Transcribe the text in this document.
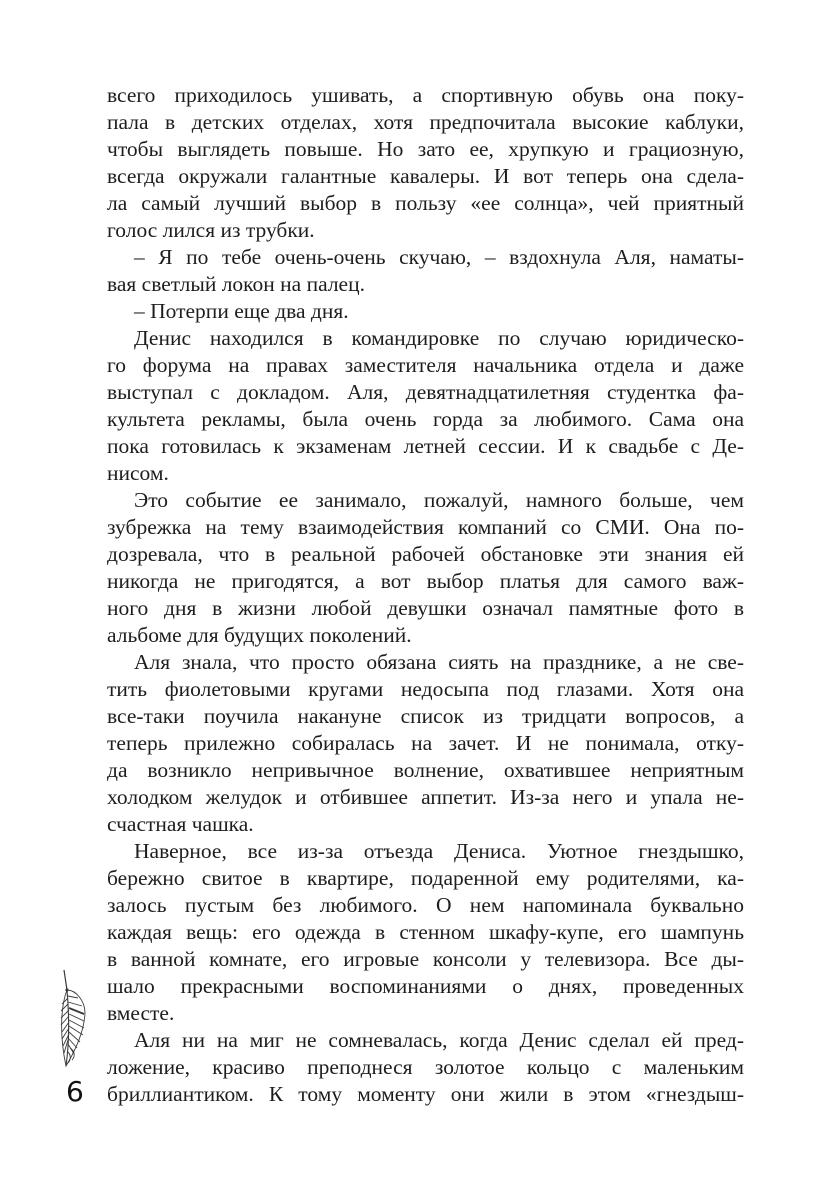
всего приходилось ушивать, а спортивную обувь она поку-
пала в детских отделах, хотя предпочитала высокие каблуки,
чтобы выглядеть повыше. Но зато ее, хрупкую и грациозную,
всегда окружали галантные кавалеры. И вот теперь она сдела-
ла самый лучший выбор в пользу «ее солнца», чей приятный
голос лился из трубки.
– Я по тебе очень-очень скучаю, – вздохнула Аля, наматы-
вая светлый локон на палец.
– Потерпи еще два дня.
Денис находился в командировке по случаю юридическо-
го форума на правах заместителя начальника отдела и даже
выступал с докладом. Аля, девятнадцатилетняя студентка фа-
культета рекламы, была очень горда за любимого. Сама она
пока готовилась к экзаменам летней сессии. И к свадьбе с Де-
нисом.
Это событие ее занимало, пожалуй, намного больше, чем
зубрежка на тему взаимодействия компаний со СМИ. Она по-
дозревала, что в реальной рабочей обстановке эти знания ей
никогда не пригодятся, а вот выбор платья для самого важ-
ного дня в жизни любой девушки означал памятные фото в
альбоме для будущих поколений.
Аля знала, что просто обязана сиять на празднике, а не све-
тить фиолетовыми кругами недосыпа под глазами. Хотя она
все-таки поучила накануне список из тридцати вопросов, а
теперь прилежно собиралась на зачет. И не понимала, отку-
да возникло непривычное волнение, охватившее неприятным
холодком желудок и отбившее аппетит. Из-за него и упала не-
счастная чашка.
Наверное, все из-за отъезда Дениса. Уютное гнездышко,
бережно свитое в квартире, подаренной ему родителями, ка-
залось пустым без любимого. О нем напоминала буквально
каждая вещь: его одежда в стенном шкафу-купе, его шампунь
в ванной комнате, его игровые консоли у телевизора. Все ды-
шало прекрасными воспоминаниями о днях, проведенных
вместе.
Аля ни на миг не сомневалась, когда Денис сделал ей пред-
ложение, красиво преподнеся золотое кольцо с маленьким
бриллиантиком. К тому моменту они жили в этом «гнездыш-
6
